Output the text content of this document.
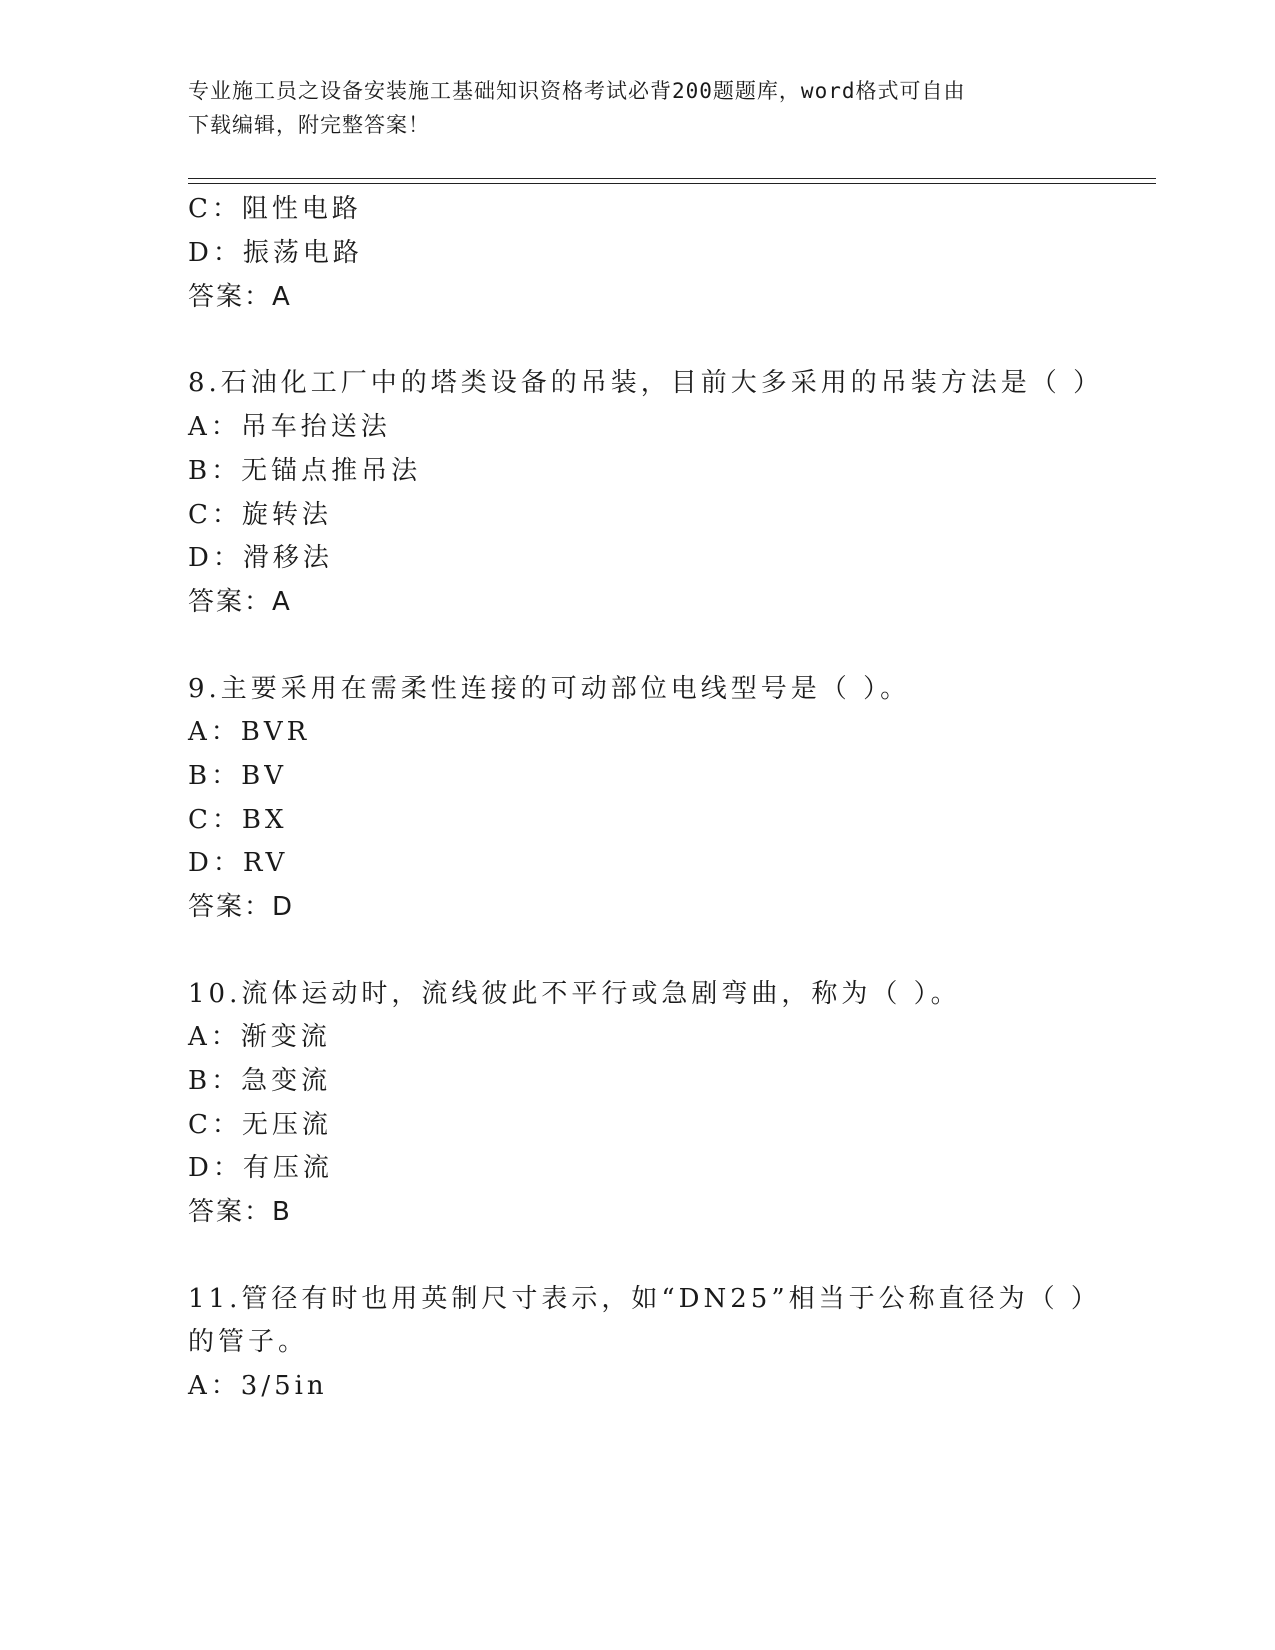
专业施工员之设备安装施工基础知识资格考试必背200题题库，word格式可自由
下载编辑，附完整答案！
C：阻性电路
D：振荡电路
答案：A
8.石油化工厂中的塔类设备的吊装，目前大多采用的吊装方法是（ ）
A：吊车抬送法
B：无锚点推吊法
C：旋转法
D：滑移法
答案：A
9.主要采用在需柔性连接的可动部位电线型号是（ ）。
A：BVR
B：BV
C：BX
D：RV
答案：D
10.流体运动时，流线彼此不平行或急剧弯曲，称为（ ）。
A：渐变流
B：急变流
C：无压流
D：有压流
答案：B
11.管径有时也用英制尺寸表示，如“DN25”相当于公称直径为（ ）
的管子。
A：3/5in
